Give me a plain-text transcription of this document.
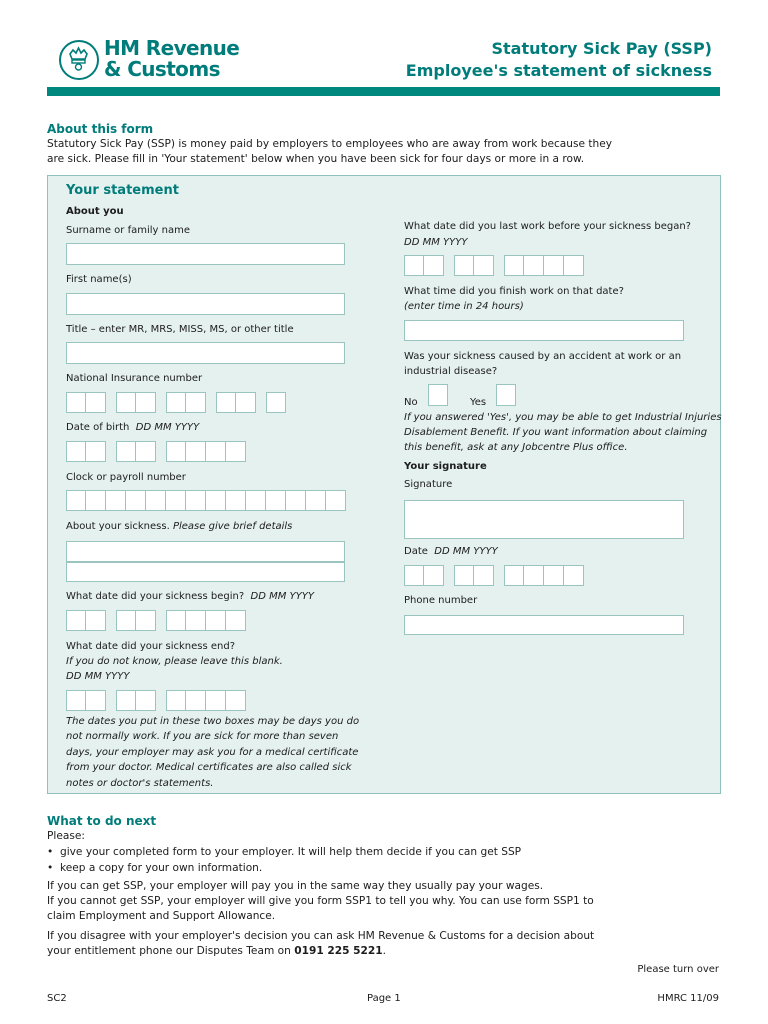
HM Revenue
& Customs
Statutory Sick Pay (SSP)
Employee's statement of sickness
About this form
Statutory Sick Pay (SSP) is money paid by employers to employees who are away from work because they
are sick. Please fill in 'Your statement' below when you have been sick for four days or more in a row.
Your statement
About you
Surname or family name
First name(s)
Title – enter MR, MRS, MISS, MS, or other title
National Insurance number
Date of birth DD MM YYYY
Clock or payroll number
About your sickness. Please give brief details
What date did your sickness begin? DD MM YYYY
What date did your sickness end?
If you do not know, please leave this blank.
DD MM YYYY
The dates you put in these two boxes may be days you do
not normally work. If you are sick for more than seven
days, your employer may ask you for a medical certificate
from your doctor. Medical certificates are also called sick
notes or doctor's statements.
What date did you last work before your sickness began?
DD MM YYYY
What time did you finish work on that date?
(enter time in 24 hours)
Was your sickness caused by an accident at work or an
industrial disease?
No	Yes
If you answered 'Yes', you may be able to get Industrial Injuries
Disablement Benefit. If you want information about claiming
this benefit, ask at any Jobcentre Plus office.
Your signature
Signature
Date DD MM YYYY
Phone number
What to do next
Please:
• give your completed form to your employer. It will help them decide if you can get SSP
• keep a copy for your own information.
If you can get SSP, your employer will pay you in the same way they usually pay your wages.
If you cannot get SSP, your employer will give you form SSP1 to tell you why. You can use form SSP1 to
claim Employment and Support Allowance.
If you disagree with your employer's decision you can ask HM Revenue & Customs for a decision about
your entitlement phone our Disputes Team on 0191 225 5221.
Please turn over
SC2	Page 1	HMRC 11/09
